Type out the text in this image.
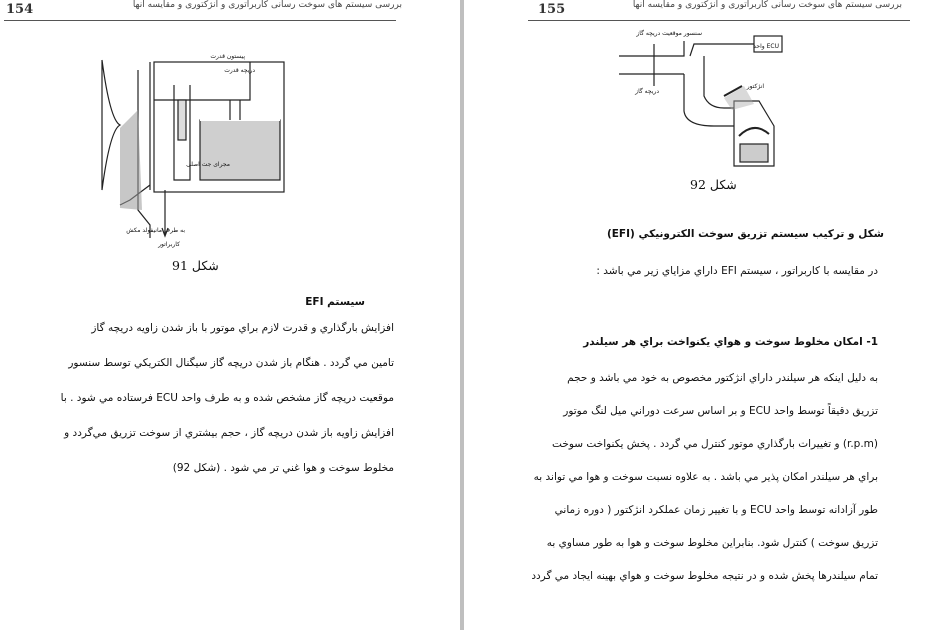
154	بررسی سیستم های سوخت رسانی کاربراتوری و انژکتوری و مقایسه آنها
پیستون قدرت
دریچه قدرت
مجرای جت اصلی
به طرف مانیفولد مکش
کاربراتور
شکل 91
سیستم EFI
افزایش بارگذاري و قدرت لازم براي موتور با باز شدن زاويه دريچه گاز
تامین مي گردد . هنگام باز شدن دريچه گاز سيگنال الكتريكي توسط سنسور
موقعيت دريچه گاز مشخص شده و به طرف واحد ECU فرستاده مي شود . با
افزايش زاويه باز شدن دريچه گاز ، حجم بيشتري از سوخت تزريق مي‌گردد و
مخلوط سوخت و هوا غني تر مي شود . (شکل 92)
155	بررسی سیستم های سوخت رسانی کاربراتوری و انژکتوری و مقایسه آنها
سنسور موقعیت دریچه گاز
واحد ECU
انژکتور
دریچه گاز
شکل 92
شكل و تركيب سيستم تزريق سوخت الكترونيكي (EFI)
در مقايسه با كاربراتور ، سيستم EFI داراي مزاياي زير مي باشد :
1- امكان مخلوط سوخت و هواي يكنواخت براي هر سيلندر
به دليل اينكه هر سيلندر داراي انژكتور مخصوص به خود مي باشد و حجم
تزريق دقيقاً توسط واحد ECU و بر اساس سرعت دوراني ميل لنگ موتور
(r.p.m) و تغييرات بارگذاري موتور كنترل مي گردد . پخش يكنواخت سوخت
براي هر سيلندر امكان پذير مي باشد . به علاوه نسبت سوخت و هوا مي تواند به
طور آزادانه توسط واحد ECU و با تغيير زمان عملكرد انژكتور ( دوره زماني
تزريق سوخت ) كنترل شود. بنابراين مخلوط سوخت و هوا به طور مساوي به
تمام سيلندرها پخش شده و در نتيجه مخلوط سوخت و هواي بهينه ايجاد مي گردد
